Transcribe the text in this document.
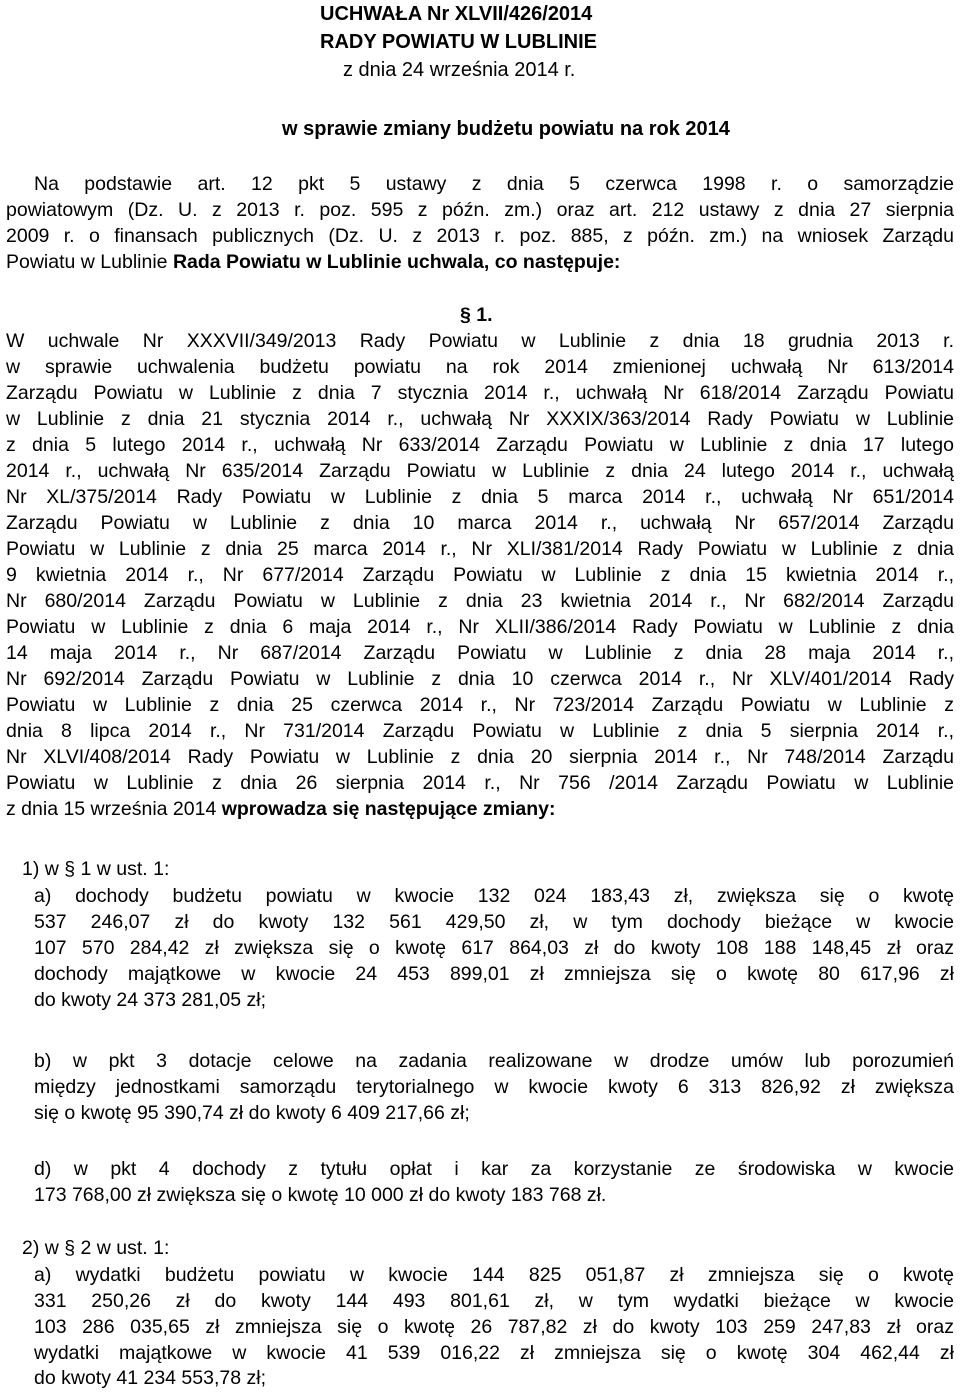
UCHWAŁA Nr XLVII/426/2014
RADY POWIATU W LUBLINIE
z dnia 24 września 2014 r.
w sprawie zmiany budżetu powiatu na rok 2014
Na podstawie art. 12 pkt 5 ustawy z dnia 5 czerwca 1998 r. o samorządzie
powiatowym (Dz. U. z 2013 r. poz. 595 z późn. zm.) oraz art. 212 ustawy z dnia 27 sierpnia
2009 r. o finansach publicznych (Dz. U. z 2013 r. poz. 885, z późn. zm.) na wniosek Zarządu
Powiatu w Lublinie Rada Powiatu w Lublinie uchwala, co następuje:
§ 1.
W uchwale Nr XXXVII/349/2013 Rady Powiatu w Lublinie z dnia 18 grudnia 2013 r.
w sprawie uchwalenia budżetu powiatu na rok 2014 zmienionej uchwałą Nr 613/2014
Zarządu Powiatu w Lublinie z dnia 7 stycznia 2014 r., uchwałą Nr 618/2014 Zarządu Powiatu
w Lublinie z dnia 21 stycznia 2014 r., uchwałą Nr XXXIX/363/2014 Rady Powiatu w Lublinie
z dnia 5 lutego 2014 r., uchwałą Nr 633/2014 Zarządu Powiatu w Lublinie z dnia 17 lutego
2014 r., uchwałą Nr 635/2014 Zarządu Powiatu w Lublinie z dnia 24 lutego 2014 r., uchwałą
Nr XL/375/2014 Rady Powiatu w Lublinie z dnia 5 marca 2014 r., uchwałą Nr 651/2014
Zarządu Powiatu w Lublinie z dnia 10 marca 2014 r., uchwałą Nr 657/2014 Zarządu
Powiatu w Lublinie z dnia 25 marca 2014 r., Nr XLI/381/2014 Rady Powiatu w Lublinie z dnia
9 kwietnia 2014 r., Nr 677/2014 Zarządu Powiatu w Lublinie z dnia 15 kwietnia 2014 r.,
Nr 680/2014 Zarządu Powiatu w Lublinie z dnia 23 kwietnia 2014 r., Nr 682/2014 Zarządu
Powiatu w Lublinie z dnia 6 maja 2014 r., Nr XLII/386/2014 Rady Powiatu w Lublinie z dnia
14 maja 2014 r., Nr 687/2014 Zarządu Powiatu w Lublinie z dnia 28 maja 2014 r.,
Nr 692/2014 Zarządu Powiatu w Lublinie z dnia 10 czerwca 2014 r., Nr XLV/401/2014 Rady
Powiatu w Lublinie z dnia 25 czerwca 2014 r., Nr 723/2014 Zarządu Powiatu w Lublinie z
dnia 8 lipca 2014 r., Nr 731/2014 Zarządu Powiatu w Lublinie z dnia 5 sierpnia 2014 r.,
Nr XLVI/408/2014 Rady Powiatu w Lublinie z dnia 20 sierpnia 2014 r., Nr 748/2014 Zarządu
Powiatu w Lublinie z dnia 26 sierpnia 2014 r., Nr 756 /2014 Zarządu Powiatu w Lublinie
z dnia 15 września 2014 wprowadza się następujące zmiany:
1) w § 1 w ust. 1:
a) dochody budżetu powiatu w kwocie 132 024 183,43 zł, zwiększa się o kwotę
537 246,07 zł do kwoty 132 561 429,50 zł, w tym dochody bieżące w kwocie
107 570 284,42 zł zwiększa się o kwotę 617 864,03 zł do kwoty 108 188 148,45 zł oraz
dochody majątkowe w kwocie 24 453 899,01 zł zmniejsza się o kwotę 80 617,96 zł
do kwoty 24 373 281,05 zł;
b) w pkt 3 dotacje celowe na zadania realizowane w drodze umów lub porozumień
między jednostkami samorządu terytorialnego w kwocie kwoty 6 313 826,92 zł zwiększa
się o kwotę 95 390,74 zł do kwoty 6 409 217,66 zł;
d) w pkt 4 dochody z tytułu opłat i kar za korzystanie ze środowiska w kwocie
173 768,00 zł zwiększa się o kwotę 10 000 zł do kwoty 183 768 zł.
2) w § 2 w ust. 1:
a) wydatki budżetu powiatu w kwocie 144 825 051,87 zł zmniejsza się o kwotę
331 250,26 zł do kwoty 144 493 801,61 zł, w tym wydatki bieżące w kwocie
103 286 035,65 zł zmniejsza się o kwotę 26 787,82 zł do kwoty 103 259 247,83 zł oraz
wydatki majątkowe w kwocie 41 539 016,22 zł zmniejsza się o kwotę 304 462,44 zł
do kwoty 41 234 553,78 zł;
